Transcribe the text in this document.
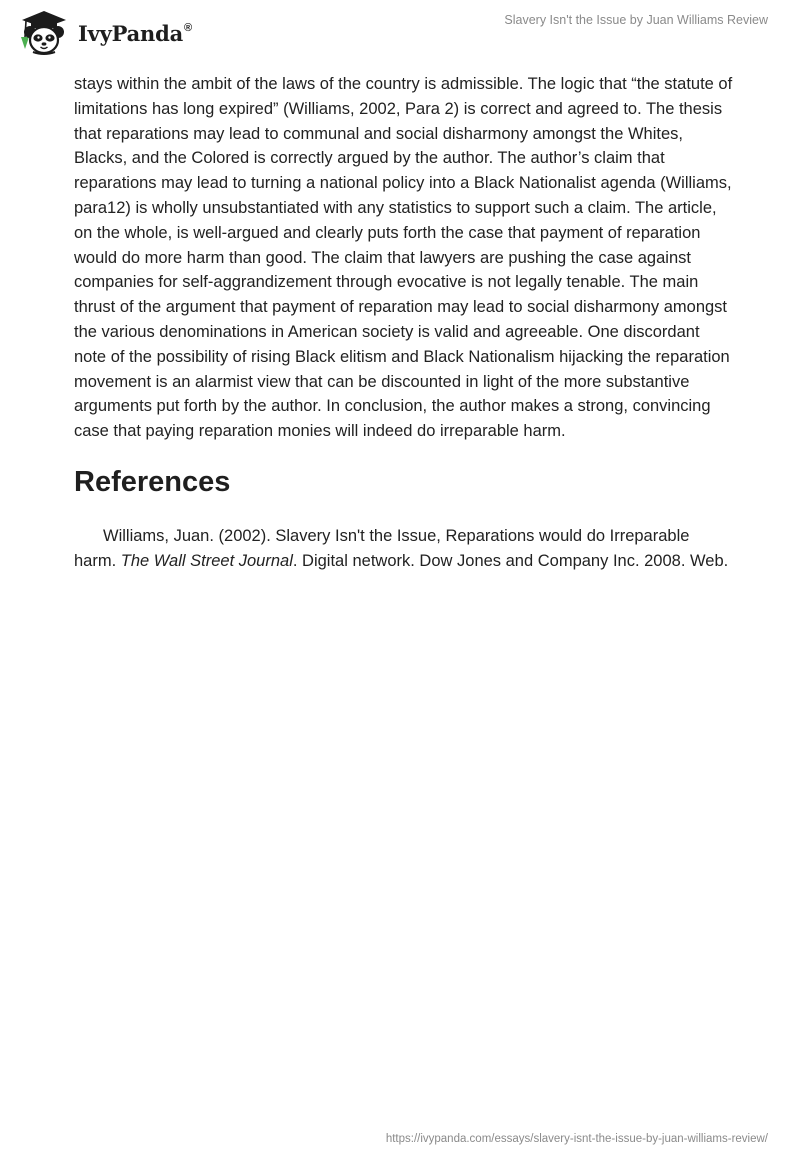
IvyPanda®
Slavery Isn't the Issue by Juan Williams Review

stays within the ambit of the laws of the country is admissible. The logic that “the statute of limitations has long expired” (Williams, 2002, Para 2) is correct and agreed to. The thesis that reparations may lead to communal and social disharmony amongst the Whites, Blacks, and the Colored is correctly argued by the author. The author’s claim that reparations may lead to turning a national policy into a Black Nationalist agenda (Williams, para12) is wholly unsubstantiated with any statistics to support such a claim. The article, on the whole, is well-argued and clearly puts forth the case that payment of reparation would do more harm than good. The claim that lawyers are pushing the case against companies for self-aggrandizement through evocative is not legally tenable. The main thrust of the argument that payment of reparation may lead to social disharmony amongst the various denominations in American society is valid and agreeable. One discordant note of the possibility of rising Black elitism and Black Nationalism hijacking the reparation movement is an alarmist view that can be discounted in light of the more substantive arguments put forth by the author. In conclusion, the author makes a strong, convincing case that paying reparation monies will indeed do irreparable harm.

References

Williams, Juan. (2002). Slavery Isn't the Issue, Reparations would do Irreparable harm. The Wall Street Journal. Digital network. Dow Jones and Company Inc. 2008. Web.

https://ivypanda.com/essays/slavery-isnt-the-issue-by-juan-williams-review/
